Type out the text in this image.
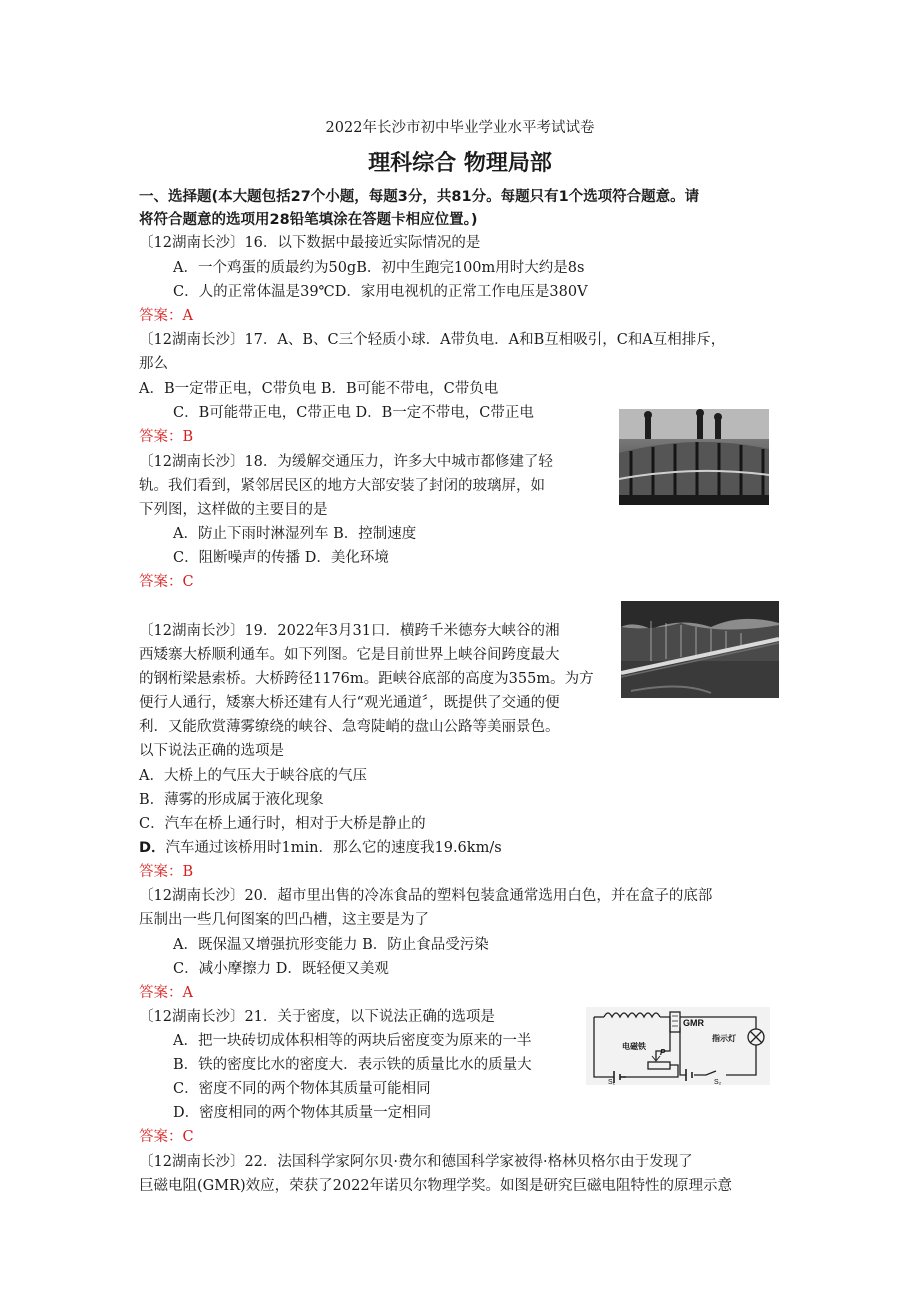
2022年长沙市初中毕业学业水平考试试卷
理科综合 物理局部
一、选择题(本大题包括27个小题，每题3分，共81分。每题只有1个选项符合题意。请
将符合题意的选项用28铅笔填涂在答题卡相应位置。)
〔12湖南长沙〕16．以下数据中最接近实际情况的是
A．一个鸡蛋的质最约为50gB．初中生跑完100m用时大约是8s
C．人的正常体温是39℃D．家用电视机的正常工作电压是380V
答案：A
〔12湖南长沙〕17．A、B、C三个轻质小球．A带负电．A和B互相吸引，C和A互相排斥，
那么
A．B一定带正电，C带负电 B．B可能不带电，C带负电
C．B可能带正电，C带正电 D．B一定不带电，C带正电
答案：B
〔12湖南长沙〕18．为缓解交通压力，许多大中城市都修建了轻
轨。我们看到，紧邻居民区的地方大部安装了封闭的玻璃屏，如
下列图，这样做的主要目的是
A．防止下雨时淋湿列车 B．控制速度
C．阻断噪声的传播 D．美化环境
答案：C
〔12湖南长沙〕19．2022年3月31口．横跨千米德夯大峡谷的湘
西矮寨大桥顺利通车。如下列图。它是目前世界上峡谷间跨度最大
的钢桁梁悬索桥。大桥跨径1176m。距峡谷底部的高度为355m。为方
便行人通行，矮寨大桥还建有人行“观光通道〞，既提供了交通的便
利．又能欣赏薄雾缭绕的峡谷、急弯陡峭的盘山公路等美丽景色。
以下说法正确的选项是
A．大桥上的气压大于峡谷底的气压
B．薄雾的形成属于液化现象
C．汽车在桥上通行时，相对于大桥是静止的
D．汽车通过该桥用时1min．那么它的速度我19.6km/s
答案：B
〔12湖南长沙〕20．超市里出售的冷冻食品的塑料包装盒通常选用白色，并在盒子的底部
压制出一些几何图案的凹凸槽，这主要是为了
A．既保温又增强抗形变能力 B．防止食品受污染
C．减小摩擦力 D．既轻便又美观
答案：A
〔12湖南长沙〕21．关于密度，以下说法正确的选项是
A．把一块砖切成体积相等的两块后密度变为原来的一半
B．铁的密度比水的密度大．表示铁的质量比水的质量大
C．密度不同的两个物体其质量可能相同
D．密度相同的两个物体其质量一定相同
答案：C
GMR
电磁铁
指示灯
P
S₁	S₂
〔12湖南长沙〕22．法国科学家阿尔贝·费尔和德国科学家被得·格林贝格尔由于发现了
巨磁电阻(GMR)效应，荣获了2022年诺贝尔物理学奖。如图是研究巨磁电阻特性的原理示意
